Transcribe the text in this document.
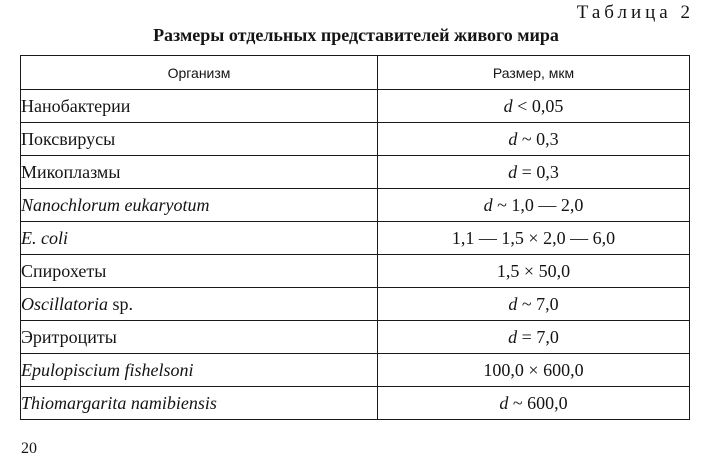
Таблица 2
Размеры отдельных представителей живого мира
Организм	Размер, мкм
Нанобактерии	d < 0,05
Поксвирусы	d ~ 0,3
Микоплазмы	d = 0,3
Nanochlorum eukaryotum	d ~ 1,0 — 2,0
E. coli	1,1 — 1,5 × 2,0 — 6,0
Спирохеты	1,5 × 50,0
Oscillatoria sp.	d ~ 7,0
Эритроциты	d = 7,0
Epulopiscium fishelsoni	100,0 × 600,0
Thiomargarita namibiensis	d ~ 600,0
20
